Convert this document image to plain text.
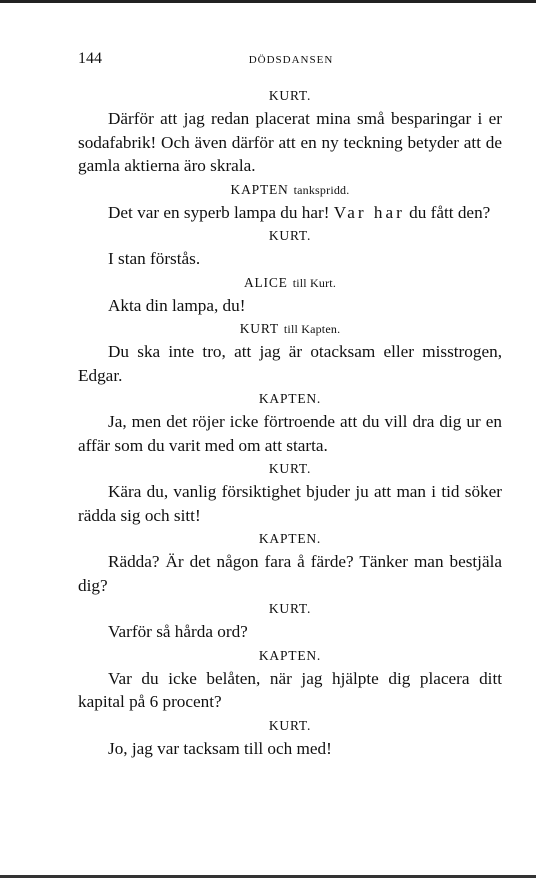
144	DÖDSDANSEN
KURT.

Därför att jag redan placerat mina små besparingar i er sodafabrik! Och även därför att en ny teckning betyder att de gamla aktierna äro skrala.

KAPTEN tankspridd.

Det var en syperb lampa du har! Var har du fått den?

KURT.

I stan förstås.

ALICE till Kurt.

Akta din lampa, du!

KURT till Kapten.

Du ska inte tro, att jag är otacksam eller misstrogen, Edgar.

KAPTEN.

Ja, men det röjer icke förtroende att du vill dra dig ur en affär som du varit med om att starta.

KURT.

Kära du, vanlig försiktighet bjuder ju att man i tid söker rädda sig och sitt!

KAPTEN.

Rädda? Är det någon fara å färde? Tänker man bestjäla dig?

KURT.

Varför så hårda ord?

KAPTEN.

Var du icke belåten, när jag hjälpte dig placera ditt kapital på 6 procent?

KURT.

Jo, jag var tacksam till och med!
